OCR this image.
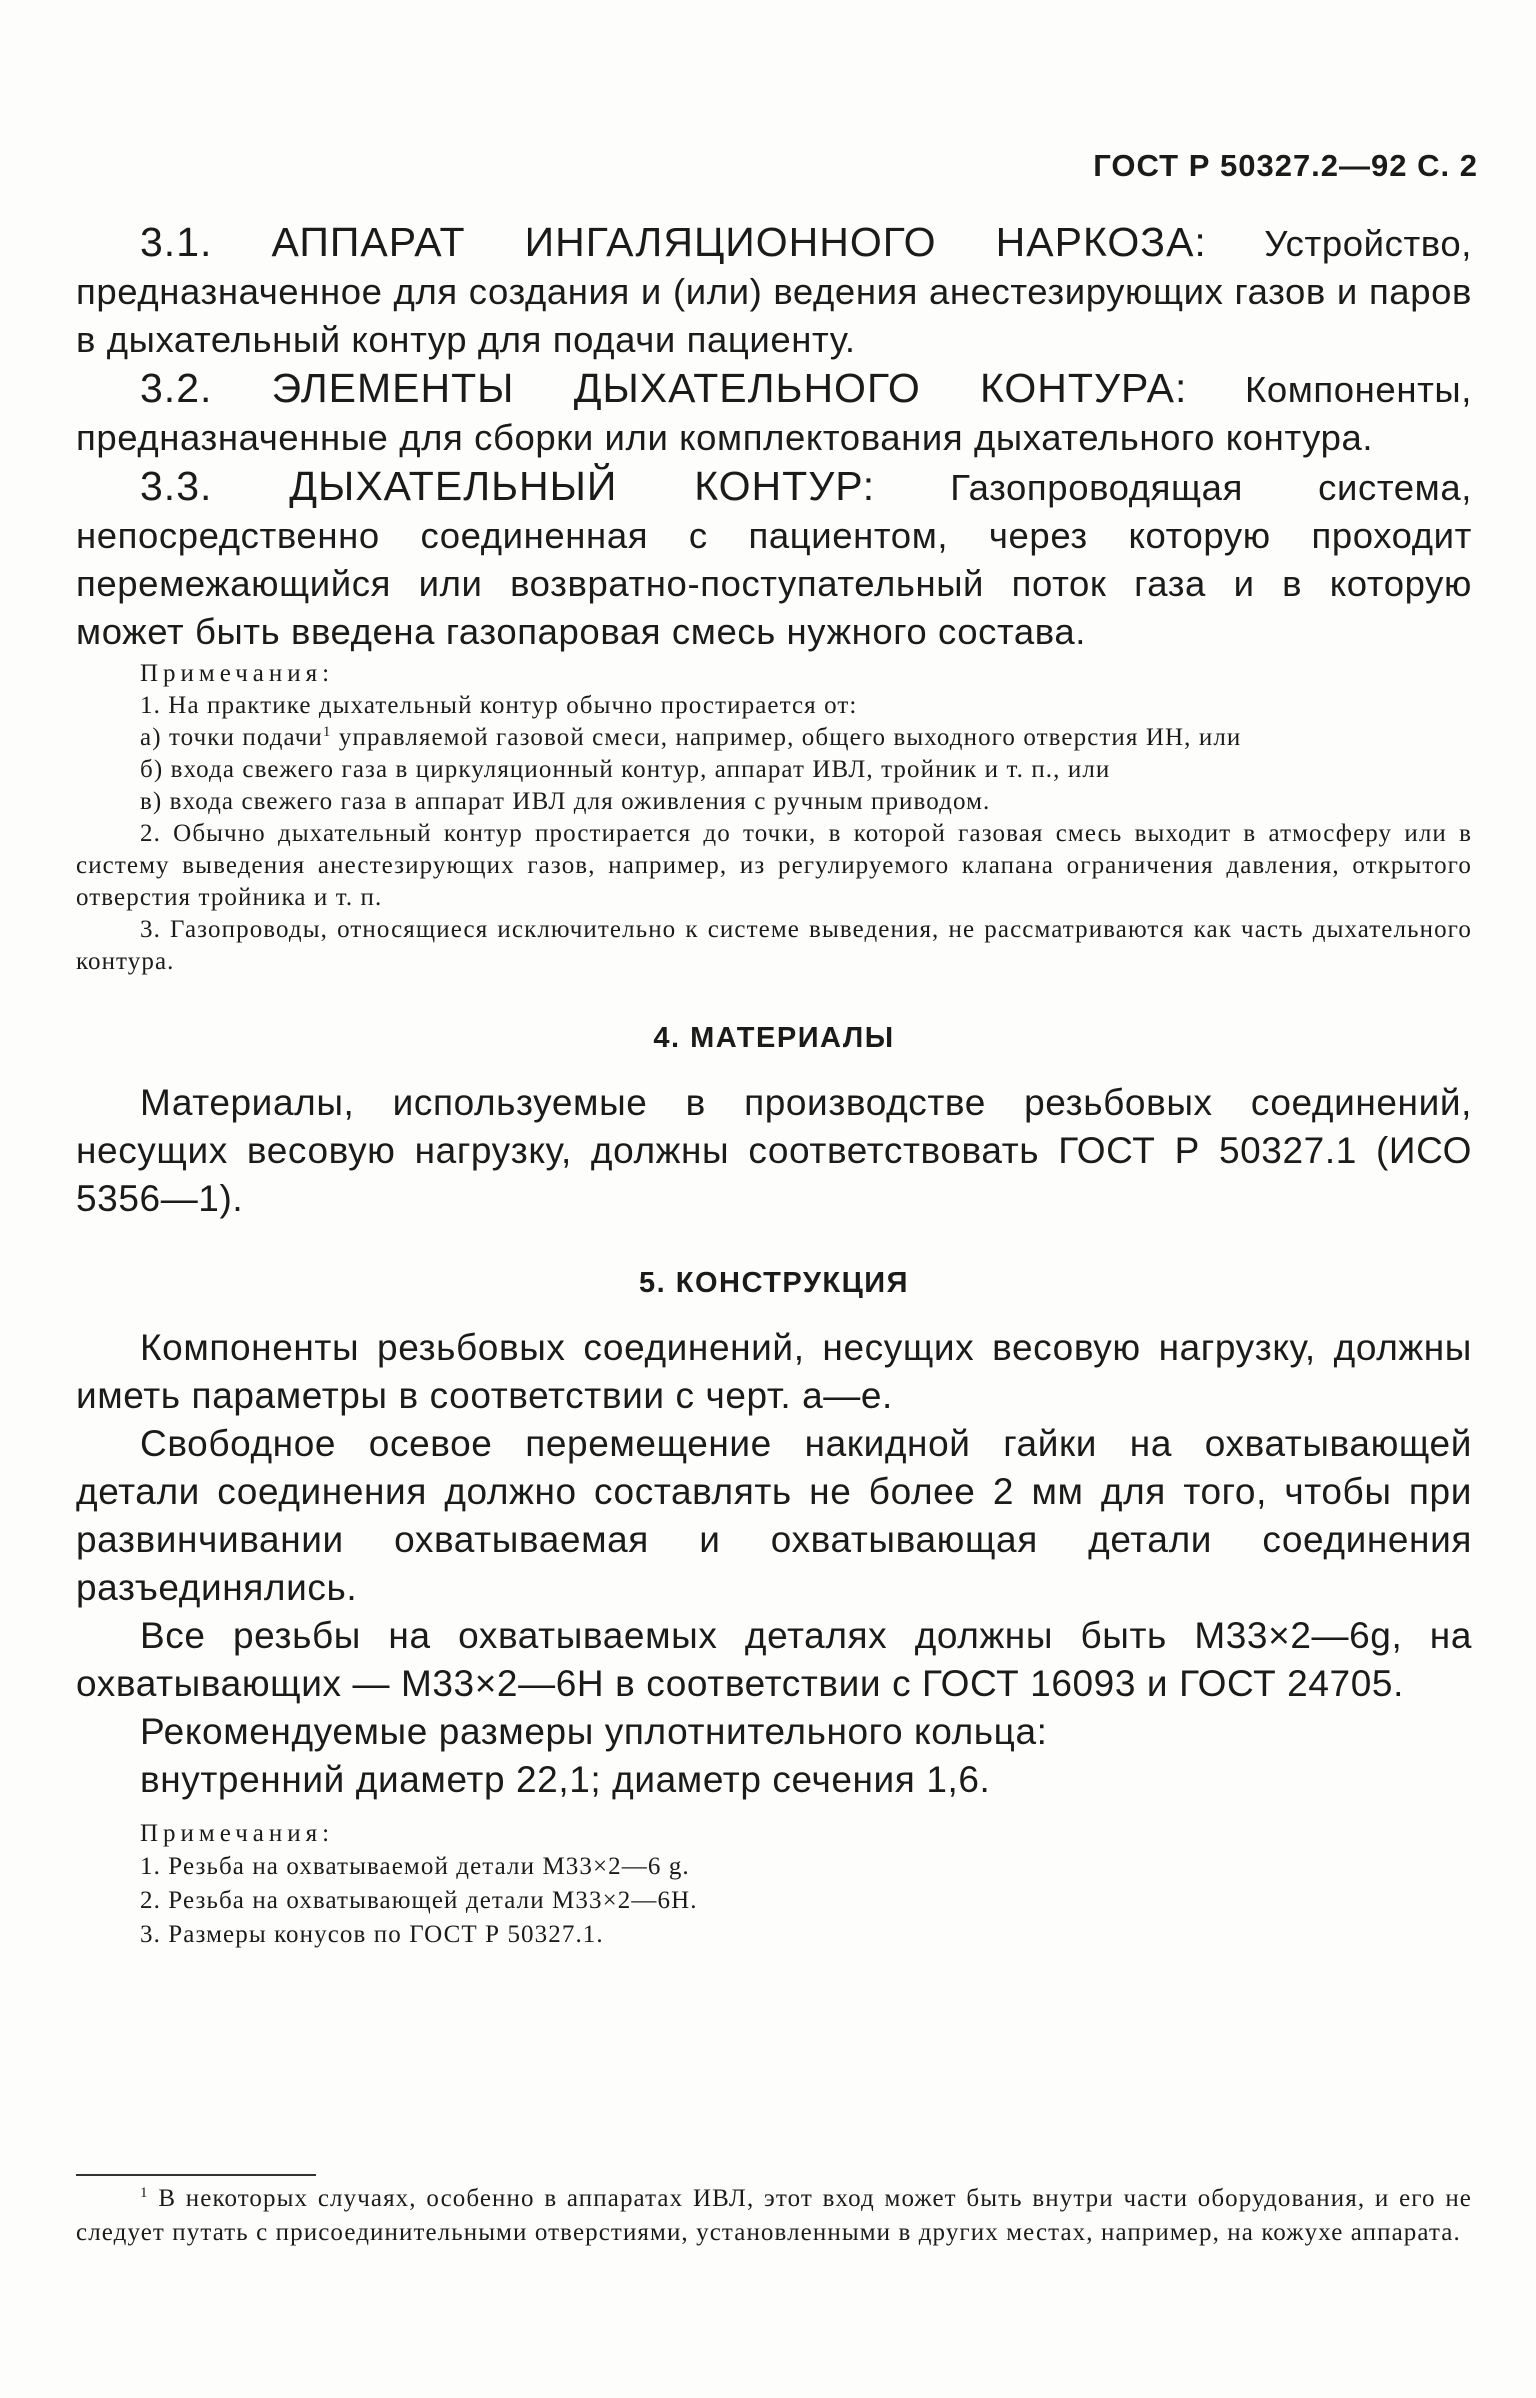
ГОСТ Р 50327.2—92 С. 2

3.1. АППАРАТ ИНГАЛЯЦИОННОГО НАРКОЗА: Устройство, предназначенное для создания и (или) ведения анестезирующих газов и паров в дыхательный контур для подачи пациенту.

3.2. ЭЛЕМЕНТЫ ДЫХАТЕЛЬНОГО КОНТУРА: Компоненты, предназначенные для сборки или комплектования дыхательного контура.

3.3. ДЫХАТЕЛЬНЫЙ КОНТУР: Газопроводящая система, непосредственно соединенная с пациентом, через которую проходит перемежающийся или возвратно-поступательный поток газа и в которую может быть введена газопаровая смесь нужного состава.

Примечания:

1. На практике дыхательный контур обычно простирается от:

а) точки подачи$^1$ управляемой газовой смеси, например, общего выходного отверстия ИН, или

б) входа свежего газа в циркуляционный контур, аппарат ИВЛ, тройник и т. п., или

в) входа свежего газа в аппарат ИВЛ для оживления с ручным приводом.

2. Обычно дыхательный контур простирается до точки, в которой газовая смесь выходит в атмосферу или в систему выведения анестезирующих газов, например, из регулируемого клапана ограничения давления, открытого отверстия тройника и т. п.

3. Газопроводы, относящиеся исключительно к системе выведения, не рассматриваются как часть дыхательного контура.

4. МАТЕРИАЛЫ

Материалы, используемые в производстве резьбовых соединений, несущих весовую нагрузку, должны соответствовать ГОСТ Р 50327.1 (ИСО 5356—1).

5. КОНСТРУКЦИЯ

Компоненты резьбовых соединений, несущих весовую нагрузку, должны иметь параметры в соответствии с черт. а—е.

Свободное осевое перемещение накидной гайки на охватывающей детали соединения должно составлять не более 2 мм для того, чтобы при развинчивании охватываемая и охватывающая детали соединения разъединялись.

Все резьбы на охватываемых деталях должны быть М33×2—6g, на охватывающих — М33×2—6Н в соответствии с ГОСТ 16093 и ГОСТ 24705.

Рекомендуемые размеры уплотнительного кольца:

внутренний диаметр 22,1; диаметр сечения 1,6.

Примечания:

1. Резьба на охватываемой детали М33×2—6 g.

2. Резьба на охватывающей детали М33×2—6Н.

3. Размеры конусов по ГОСТ Р 50327.1.

$^1$ В некоторых случаях, особенно в аппаратах ИВЛ, этот вход может быть внутри части оборудования, и его не следует путать с присоединительными отверстиями, установленными в других местах, например, на кожухе аппарата.
